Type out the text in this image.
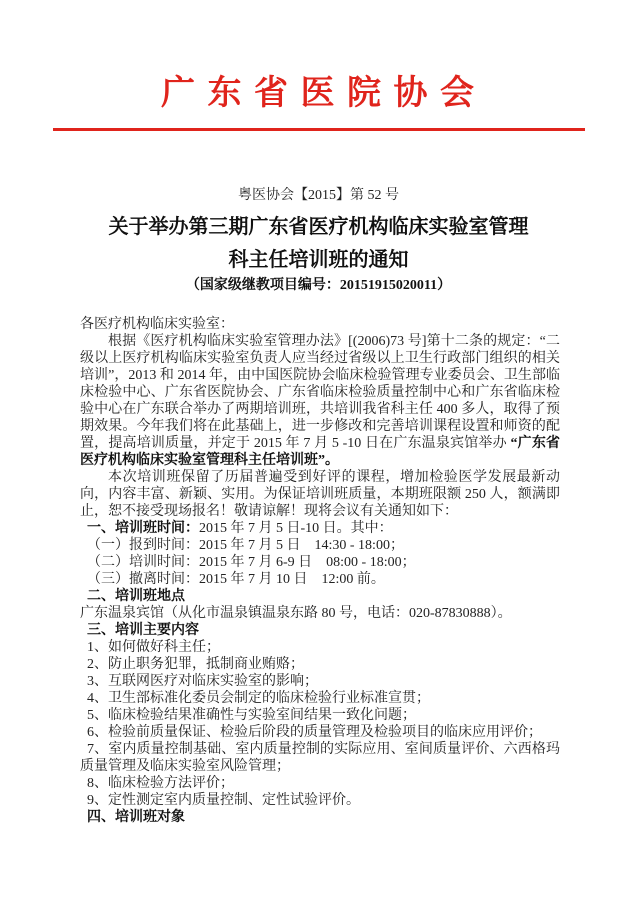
广 东 省 医 院 协 会
粤医协会【2015】第 52 号
关于举办第三期广东省医疗机构临床实验室管理
科主任培训班的通知
（国家级继教项目编号：20151915020011）

各医疗机构临床实验室：

根据《医疗机构临床实验室管理办法》[(2006)73 号]第十二条的规定：“二级以上医疗机构临床实验室负责人应当经过省级以上卫生行政部门组织的相关培训”，2013 和 2014 年，由中国医院协会临床检验管理专业委员会、卫生部临床检验中心、广东省医院协会、广东省临床检验质量控制中心和广东省临床检验中心在广东联合举办了两期培训班，共培训我省科主任 400 多人，取得了预期效果。今年我们将在此基础上，进一步修改和完善培训课程设置和师资的配置，提高培训质量，并定于 2015 年 7 月 5 -10 日在广东温泉宾馆举办 “广东省医疗机构临床实验室管理科主任培训班”。

本次培训班保留了历届普遍受到好评的课程，增加检验医学发展最新动向，内容丰富、新颖、实用。为保证培训班质量，本期班限额 250 人，额满即止，恕不接受现场报名！敬请谅解！现将会议有关通知如下：

一、培训班时间：2015 年 7 月 5 日-10 日。其中：

（一）报到时间：2015 年 7 月 5 日　14:30 - 18:00；

（二）培训时间：2015 年 7 月 6-9 日　08:00 - 18:00；

（三）撤离时间：2015 年 7 月 10 日　12:00 前。

二、培训班地点

广东温泉宾馆（从化市温泉镇温泉东路 80 号，电话：020-87830888）。

三、培训主要内容

1、如何做好科主任；

2、防止职务犯罪，抵制商业贿赂；

3、互联网医疗对临床实验室的影响；

4、卫生部标准化委员会制定的临床检验行业标准宣贯；

5、临床检验结果准确性与实验室间结果一致化问题；

6、检验前质量保证、检验后阶段的质量管理及检验项目的临床应用评价；

7、室内质量控制基础、室内质量控制的实际应用、室间质量评价、六西格玛质量管理及临床实验室风险管理；

8、临床检验方法评价；

9、定性测定室内质量控制、定性试验评价。

四、培训班对象
